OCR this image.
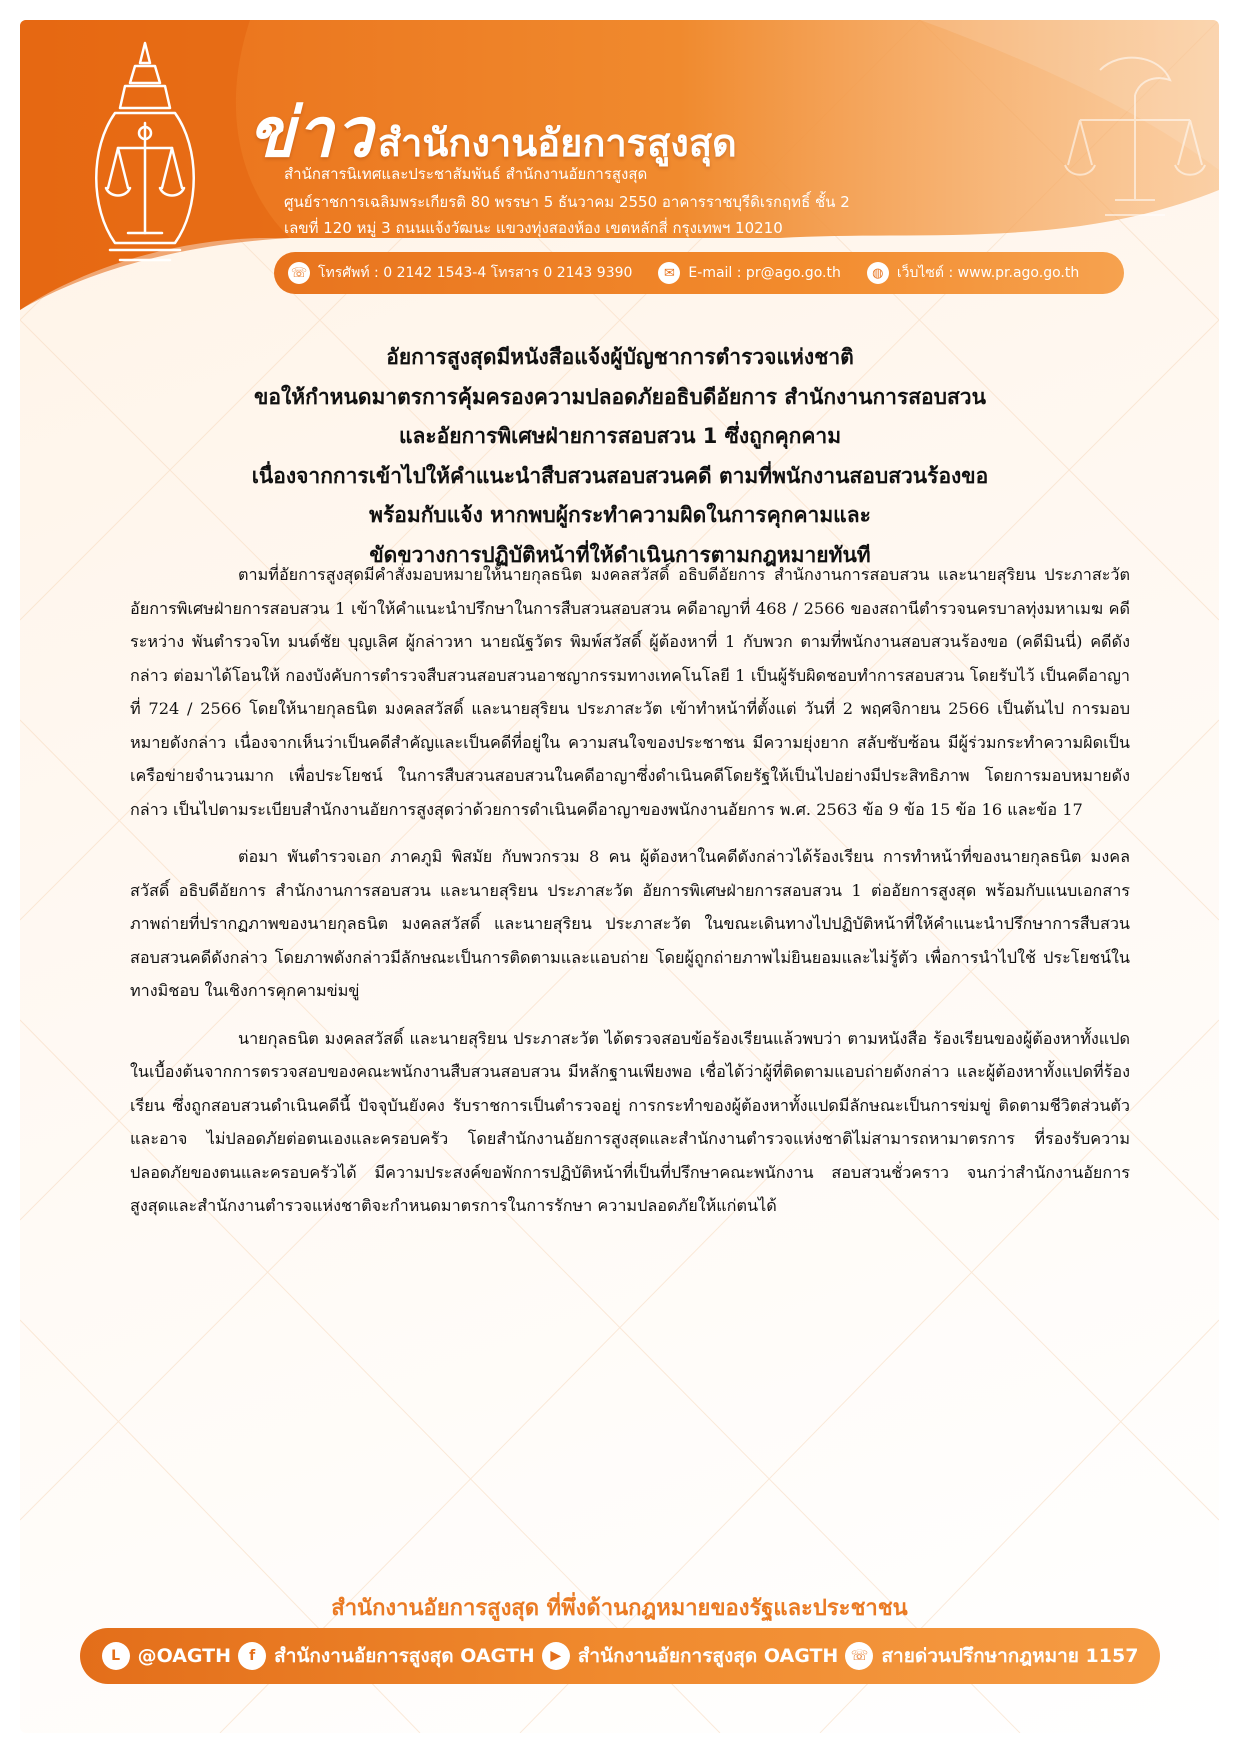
ข่าว สำนักงานอัยการสูงสุด
สำนักสารนิเทศและประชาสัมพันธ์ สำนักงานอัยการสูงสุด
ศูนย์ราชการเฉลิมพระเกียรติ 80 พรรษา 5 ธันวาคม 2550 อาคารราชบุรีดิเรกฤทธิ์ ชั้น 2
เลขที่ 120 หมู่ 3 ถนนแจ้งวัฒนะ แขวงทุ่งสองห้อง เขตหลักสี่ กรุงเทพฯ 10210
☏ โทรศัพท์ : 0 2142 1543-4 โทรสาร 0 2143 9390	✉ E-mail : pr@ago.go.th	◍ เว็บไซต์ : www.pr.ago.go.th
อัยการสูงสุดมีหนังสือแจ้งผู้บัญชาการตำรวจแห่งชาติ
ขอให้กำหนดมาตรการคุ้มครองความปลอดภัยอธิบดีอัยการ สำนักงานการสอบสวน
และอัยการพิเศษฝ่ายการสอบสวน 1 ซึ่งถูกคุกคาม
เนื่องจากการเข้าไปให้คำแนะนำสืบสวนสอบสวนคดี ตามที่พนักงานสอบสวนร้องขอ
พร้อมกับแจ้ง หากพบผู้กระทำความผิดในการคุกคามและ
ขัดขวางการปฏิบัติหน้าที่ให้ดำเนินการตามกฎหมายทันที

ตามที่อัยการสูงสุดมีคำสั่งมอบหมายให้นายกุลธนิต มงคลสวัสดิ์ อธิบดีอัยการ สำนักงานการสอบสวน และนายสุริยน ประภาสะวัต อัยการพิเศษฝ่ายการสอบสวน 1 เข้าให้คำแนะนำปรึกษาในการสืบสวนสอบสวน คดีอาญาที่ 468 / 2566 ของสถานีตำรวจนครบาลทุ่งมหาเมฆ คดีระหว่าง พันตำรวจโท มนต์ชัย บุญเลิศ ผู้กล่าวหา นายณัฐวัตร พิมพ์สวัสดิ์ ผู้ต้องหาที่ 1 กับพวก ตามที่พนักงานสอบสวนร้องขอ (คดีมินนี่) คดีดังกล่าว ต่อมาได้โอนให้ กองบังคับการตำรวจสืบสวนสอบสวนอาชญากรรมทางเทคโนโลยี 1 เป็นผู้รับผิดชอบทำการสอบสวน โดยรับไว้ เป็นคดีอาญาที่ 724 / 2566 โดยให้นายกุลธนิต มงคลสวัสดิ์ และนายสุริยน ประภาสะวัต เข้าทำหน้าที่ตั้งแต่ วันที่ 2 พฤศจิกายน 2566 เป็นต้นไป การมอบหมายดังกล่าว เนื่องจากเห็นว่าเป็นคดีสำคัญและเป็นคดีที่อยู่ใน ความสนใจของประชาชน มีความยุ่งยาก สลับซับซ้อน มีผู้ร่วมกระทำความผิดเป็นเครือข่ายจำนวนมาก เพื่อประโยชน์ ในการสืบสวนสอบสวนในคดีอาญาซึ่งดำเนินคดีโดยรัฐให้เป็นไปอย่างมีประสิทธิภาพ โดยการมอบหมายดังกล่าว เป็นไปตามระเบียบสำนักงานอัยการสูงสุดว่าด้วยการดำเนินคดีอาญาของพนักงานอัยการ พ.ศ. 2563 ข้อ 9 ข้อ 15 ข้อ 16 และข้อ 17

ต่อมา พันตำรวจเอก ภาคภูมิ พิสมัย กับพวกรวม 8 คน ผู้ต้องหาในคดีดังกล่าวได้ร้องเรียน การทำหน้าที่ของนายกุลธนิต มงคลสวัสดิ์ อธิบดีอัยการ สำนักงานการสอบสวน และนายสุริยน ประภาสะวัต อัยการพิเศษฝ่ายการสอบสวน 1 ต่ออัยการสูงสุด พร้อมกับแนบเอกสารภาพถ่ายที่ปรากฏภาพของนายกุลธนิต มงคลสวัสดิ์ และนายสุริยน ประภาสะวัต ในขณะเดินทางไปปฏิบัติหน้าที่ให้คำแนะนำปรึกษาการสืบสวนสอบสวนคดีดังกล่าว โดยภาพดังกล่าวมีลักษณะเป็นการติดตามและแอบถ่าย โดยผู้ถูกถ่ายภาพไม่ยินยอมและไม่รู้ตัว เพื่อการนำไปใช้ ประโยชน์ในทางมิชอบ ในเชิงการคุกคามข่มขู่

นายกุลธนิต มงคลสวัสดิ์ และนายสุริยน ประภาสะวัต ได้ตรวจสอบข้อร้องเรียนแล้วพบว่า ตามหนังสือ ร้องเรียนของผู้ต้องหาทั้งแปด ในเบื้องต้นจากการตรวจสอบของคณะพนักงานสืบสวนสอบสวน มีหลักฐานเพียงพอ เชื่อได้ว่าผู้ที่ติดตามแอบถ่ายดังกล่าว และผู้ต้องหาทั้งแปดที่ร้องเรียน ซึ่งถูกสอบสวนดำเนินคดีนี้ ปัจจุบันยังคง รับราชการเป็นตำรวจอยู่ การกระทำของผู้ต้องหาทั้งแปดมีลักษณะเป็นการข่มขู่ ติดตามชีวิตส่วนตัว และอาจ ไม่ปลอดภัยต่อตนเองและครอบครัว โดยสำนักงานอัยการสูงสุดและสำนักงานตำรวจแห่งชาติไม่สามารถหามาตรการ ที่รองรับความปลอดภัยของตนและครอบครัวได้ มีความประสงค์ขอพักการปฏิบัติหน้าที่เป็นที่ปรึกษาคณะพนักงาน สอบสวนชั่วคราว จนกว่าสำนักงานอัยการสูงสุดและสำนักงานตำรวจแห่งชาติจะกำหนดมาตรการในการรักษา ความปลอดภัยให้แก่ตนได้

สำนักงานอัยการสูงสุด ที่พึ่งด้านกฎหมายของรัฐและประชาชน
L @OAGTH	f สำนักงานอัยการสูงสุด OAGTH	▶ สำนักงานอัยการสูงสุด OAGTH ☏ สายด่วนปรึกษากฎหมาย 1157
